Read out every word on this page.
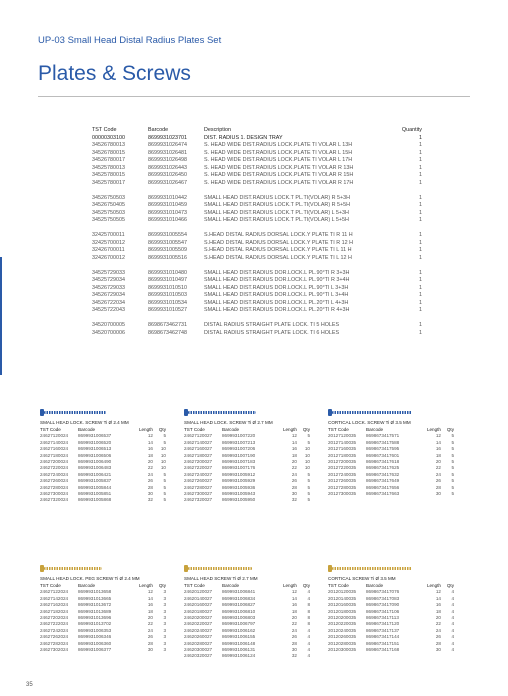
UP-03 Small Head Distal Radius Plates Set
Plates & Screws
TST Code	Barcode	Description	Quantity
00000303100	8699931023701	DIST. RADIUS 1. DESIGN TRAY	1
34526780013	8699931026474	S. HEAD WIDE DIST.RADIUS LOCK.PLATE TI VOLAR L 13H	1
34526780015	8699931026481	S. HEAD WIDE DIST.RADIUS LOCK.PLATE TI VOLAR L 15H	1
34526780017	8699931026498	S. HEAD WIDE DIST.RADIUS LOCK.PLATE TI VOLAR L 17H	1
34525780013	8699931026443	S. HEAD WIDE DIST.RADIUS LOCK.PLATE TI VOLAR R 13H	1
34525780015	8699931026450	S. HEAD WIDE DIST.RADIUS LOCK.PLATE TI VOLAR R 15H	1
34525780017	8699931026467	S. HEAD WIDE DIST.RADIUS LOCK.PLATE TI VOLAR R 17H	1
34526750503	8699931010442	SMALL HEAD DIST.RADIUS LOCK.T PL.TI(VOLAR) R 5+3H	1
34526750405	8699931010459	SMALL HEAD DIST.RADIUS LOCK.T PL.TI(VOLAR) R 5+5H	1
34525750503	8699931010473	SMALL HEAD DIST.RADIUS LOCK.T PL.TI(VOLAR) L 5+3H	1
34525750505	8699931010466	SMALL HEAD DIST.RADIUS LOCK.T PL.TI(VOLAR) L 5+5H	1
32425700011	8699931005554	S.HEAD DISTAL RADIUS DORSAL LOCK.Y PLATE TI R 11 H	1
32425700012	8699931005547	S.HEAD DISTAL RADIUS DORSAL LOCK.Y PLATE TI R 12 H	1
32426700011	8699931005509	S.HEAD DISTAL RADIUS DORSAL LOCK.Y PLATE TI L 11 H	1
32426700012	8699931005516	S.HEAD DISTAL RADIUS DORSAL LOCK.Y PLATE TI L 12 H	1
34525729033	8699931010480	SMALL HEAD DIST.RADIUS DOR.LOCK.L PL.90°TI R 3+3H	1
34525729034	8699931010497	SMALL HEAD DIST.RADIUS DOR.LOCK.L PL.90°TI R 3+4H	1
34526729033	8699931010510	SMALL HEAD DIST.RADIUS DOR.LOCK.L PL.90°TI L 3+3H	1
34526729034	8699931010503	SMALL HEAD DIST.RADIUS DOR.LOCK.L PL.90°TI L 3+4H	1
34526722034	8699931010534	SMALL HEAD DIST.RADIUS DOR.LOCK.L PL.20°TI L 4+3H	1
34525722043	8699931010527	SMALL HEAD DIST.RADIUS DOR.LOCK.L PL.20°TI R 4+3H	1
34520700005	8698673462731	DISTAL RADIUS STRAIGHT PLATE LOCK. TI 5 HOLES	1
34520700006	8698673462748	DISTAL RADIUS STRAIGHT PLATE LOCK. TI 6 HOLES	1
SMALL HEAD LOCK. SCREW Ti Ø 2.4 MM
TST Code	Barcode	Length	Qty
24627120024	8699931006537	12	5
24627140024	8699931006520	14	5
24627160024	8699931006513	16	10
24627180024	8699931006506	18	10
24627200024	8699931006490	20	10
24627220024	8699931006483	22	10
24627240024	8699931006421	24	5
24627260024	8699931005837	26	5
24627280024	8699931005844	28	5
24627300024	8699931005851	30	5
24627320024	8699931005868	32	5
SMALL HEAD LOCK. SCREW Ti Ø 2.7 MM
TST Code	Barcode	Length	Qty
24627120027	8699931007220	12	5
24627140027	8699931007213	14	5
24627160027	8699931007206	16	10
24627180027	8699931007190	18	10
24627200027	8699931007183	20	10
24627220027	8699931007176	22	10
24627240027	8699931005912	24	5
24627260027	8699931005929	26	5
24627280027	8699931005936	28	5
24627300027	8699931005943	30	5
24627320027	8699931005950	32	5
CORTICAL LOCK. SCREW Ti Ø 3.5 MM
TST Code	Barcode	Length	Qty
20127120035	8698673417571	12	5
20127140035	8698673417588	14	5
20127160035	8698673417595	16	5
20127180035	8698673417601	18	5
20127200035	8698673417618	20	5
20127220035	8698673417625	22	5
20127240035	8698673417632	24	5
20127260035	8698673417649	26	5
20127280035	8698673417656	28	5
20127300035	8698673417663	30	5
SMALL HEAD LOCK. PEG SCREW Ti Ø 2.4 MM
TST Code	Barcode	Length	Qty
24627122024	8699931013658	12	3
24627142024	8699931013665	14	3
24627162024	8699931013672	16	3
24627182024	8699931013689	18	3
24627202024	8699931013696	20	3
24627222024	8699931013702	22	3
24627242024	8699931006353	24	3
24627262024	8699931006346	26	3
24627282024	8699931006360	28	3
24627302024	8699931006377	30	3
SMALL HEAD SCREW Ti Ø 2.7 MM
TST Code	Barcode	Length	Qty
24620120027	8699931006841	12	4
24620140027	8699931006834	14	4
24620160027	8699931006827	16	8
24620180027	8699931006810	18	8
24620200027	8699931006803	20	8
24620220027	8699931006797	22	8
24620240027	8699931006162	24	4
24620260027	8699931006155	26	4
24620280027	8699931006148	28	4
24620300027	8699931006131	30	4
24620320027	8699931006124	32	4
CORTICAL SCREW Ti Ø 3.5 MM
TST Code	Barcode	Length	Qty
20120120035	8698673417076	12	4
20120140035	8698673417083	14	4
20120160035	8698673417090	16	4
20120180035	8698673417106	18	4
20120200035	8698673417113	20	4
20120220035	8698673417120	22	4
20120240035	8698673417137	24	4
20120260035	8698673417144	26	4
20120280035	8698673417151	28	4
20120300035	8698673417168	30	4
35
